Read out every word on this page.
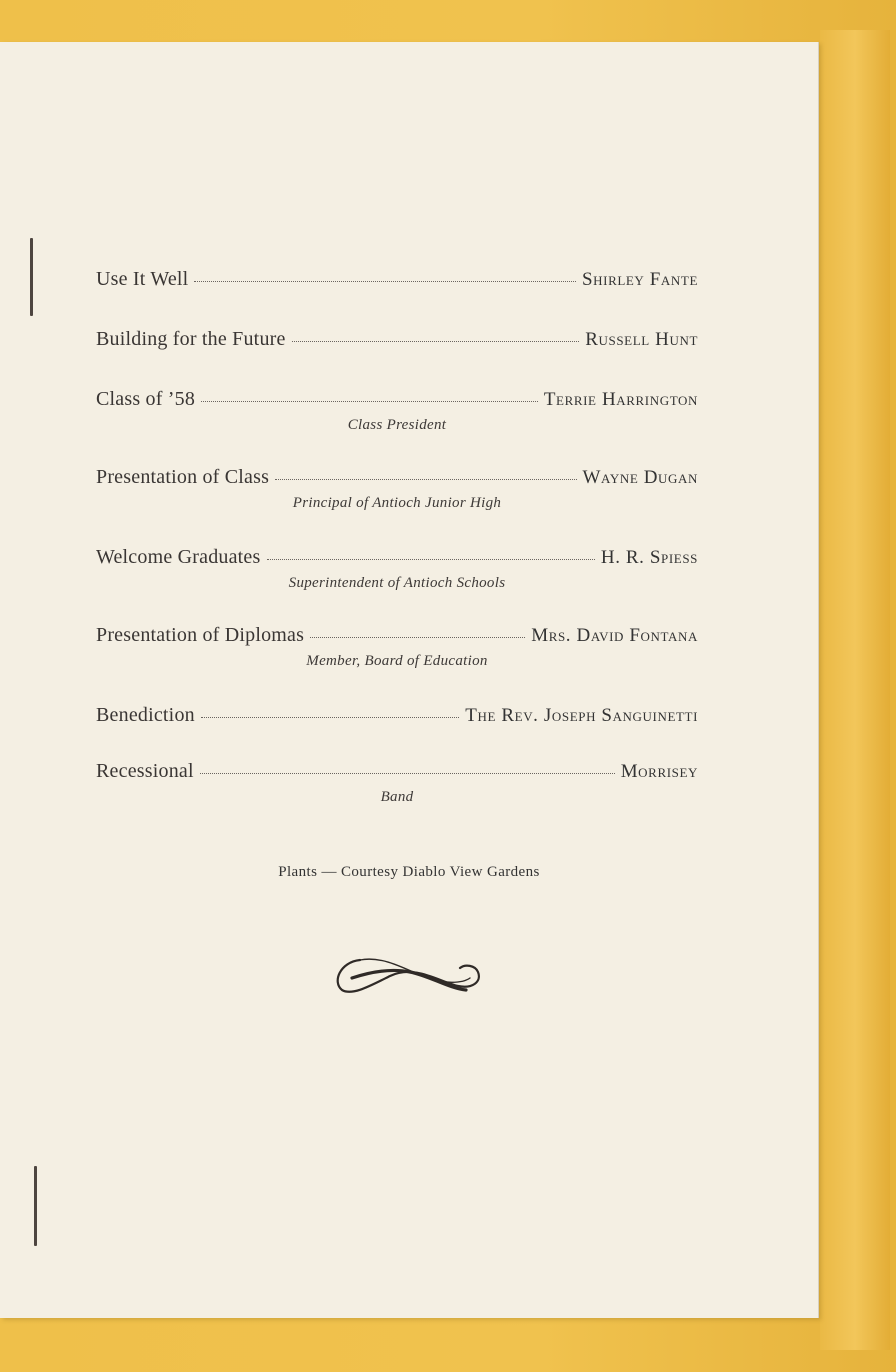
Use It Well	Shirley Fante
Building for the Future	Russell Hunt
Class of ’58	Terrie Harrington
Class President
Presentation of Class	Wayne Dugan
Principal of Antioch Junior High
Welcome Graduates	H. R. Spiess
Superintendent of Antioch Schools
Presentation of Diplomas	Mrs. David Fontana
Member, Board of Education
Benediction	The Rev. Joseph Sanguinetti
Recessional	Morrisey
Band
Plants — Courtesy Diablo View Gardens
